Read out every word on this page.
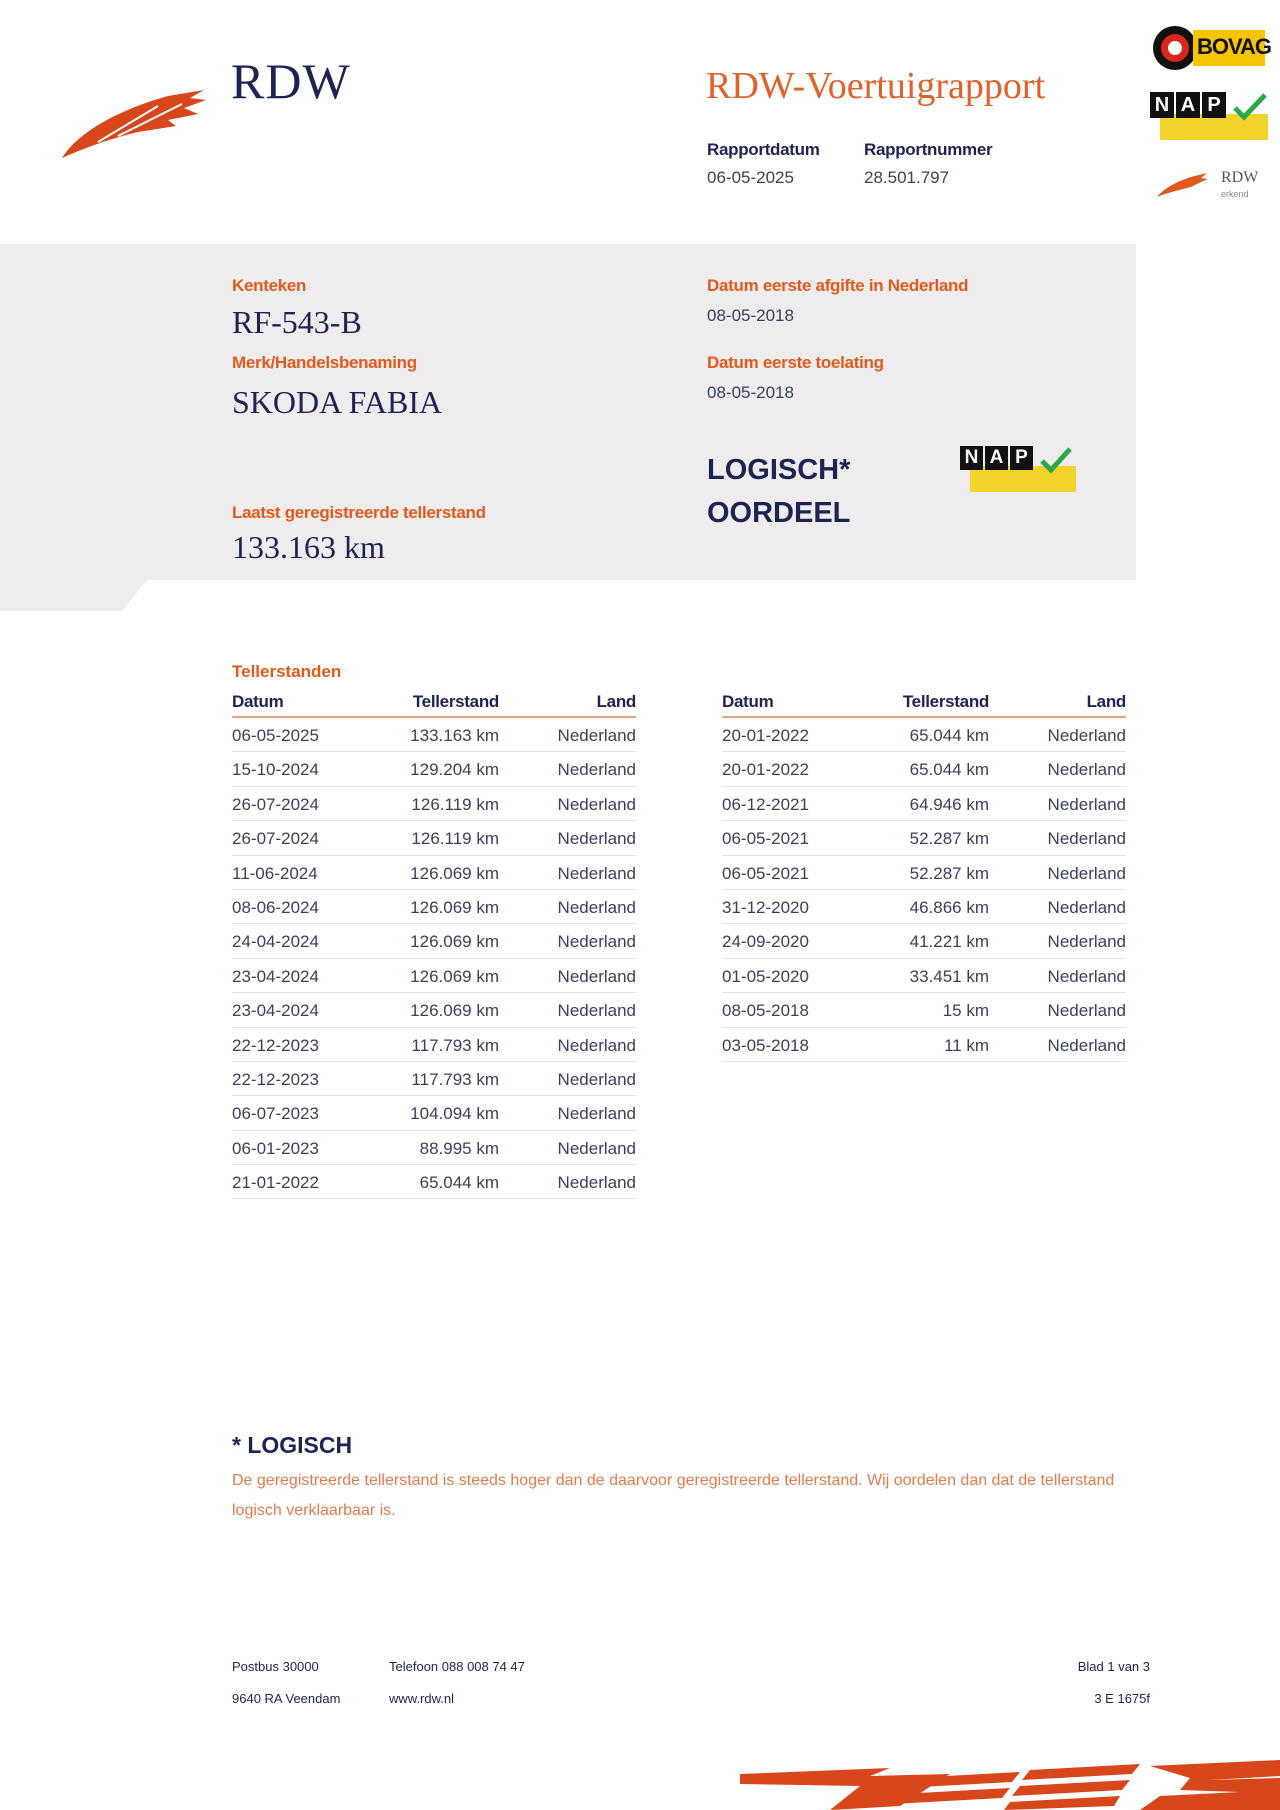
RDW	RDW-Voertuigrapport
Rapportdatum
06-05-2025
Rapportnummer
28.501.797
BOVAG
N A P
RDW
erkend
Kenteken
RF-543-B
Merk/Handelsbenaming
SKODA FABIA
Laatst geregistreerde tellerstand
133.163 km
Datum eerste afgifte in Nederland
08-05-2018
Datum eerste toelating
08-05-2018
LOGISCH*
OORDEEL
N A P
Tellerstanden
Datum	Tellerstand	Land
06-05-2025	133.163 km	Nederland
15-10-2024	129.204 km	Nederland
26-07-2024	126.119 km	Nederland
26-07-2024	126.119 km	Nederland
11-06-2024	126.069 km	Nederland
08-06-2024	126.069 km	Nederland
24-04-2024	126.069 km	Nederland
23-04-2024	126.069 km	Nederland
23-04-2024	126.069 km	Nederland
22-12-2023	117.793 km	Nederland
22-12-2023	117.793 km	Nederland
06-07-2023	104.094 km	Nederland
06-01-2023	88.995 km	Nederland
21-01-2022	65.044 km	Nederland
Datum	Tellerstand	Land
20-01-2022	65.044 km	Nederland
20-01-2022	65.044 km	Nederland
06-12-2021	64.946 km	Nederland
06-05-2021	52.287 km	Nederland
06-05-2021	52.287 km	Nederland
31-12-2020	46.866 km	Nederland
24-09-2020	41.221 km	Nederland
01-05-2020	33.451 km	Nederland
08-05-2018	15 km	Nederland
03-05-2018	11 km	Nederland
* LOGISCH
De geregistreerde tellerstand is steeds hoger dan de daarvoor geregistreerde tellerstand. Wij oordelen dan dat de tellerstand logisch verklaarbaar is.
Postbus 30000
9640 RA Veendam
Telefoon 088 008 74 47
www.rdw.nl
Blad 1 van 3
3 E 1675f
